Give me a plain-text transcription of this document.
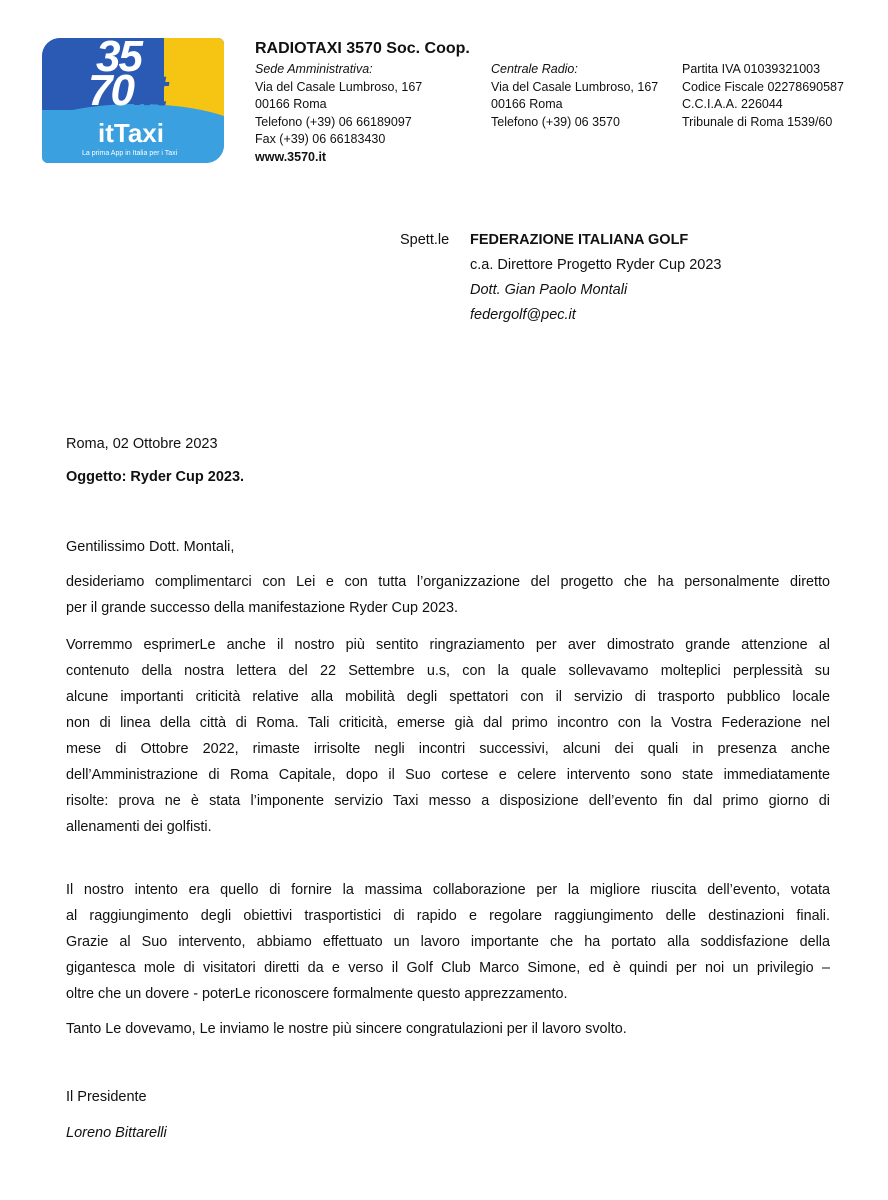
35
70.it
itTaxi
La prima App in Italia per i Taxi
RADIOTAXI 3570 Soc. Coop.
Sede Amministrativa:
Via del Casale Lumbroso, 167
00166 Roma
Telefono (+39) 06 66189097
Fax (+39) 06 66183430
www.3570.it
Centrale Radio:
Via del Casale Lumbroso, 167
00166 Roma
Telefono (+39) 06 3570
Partita IVA 01039321003
Codice Fiscale 02278690587
C.C.I.A.A. 226044
Tribunale di Roma 1539/60
Spett.le FEDERAZIONE ITALIANA GOLF
c.a. Direttore Progetto Ryder Cup 2023
Dott. Gian Paolo Montali
federgolf@pec.it
Roma, 02 Ottobre 2023
Oggetto: Ryder Cup 2023.
Gentilissimo Dott. Montali,
desideriamo complimentarci con Lei e con tutta l’organizzazione del progetto che ha personalmente diretto
per il grande successo della manifestazione Ryder Cup 2023.
Vorremmo esprimerLe anche il nostro più sentito ringraziamento per aver dimostrato grande attenzione al
contenuto della nostra lettera del 22 Settembre u.s, con la quale sollevavamo molteplici perplessità su
alcune importanti criticità relative alla mobilità degli spettatori con il servizio di trasporto pubblico locale
non di linea della città di Roma. Tali criticità, emerse già dal primo incontro con la Vostra Federazione nel
mese di Ottobre 2022, rimaste irrisolte negli incontri successivi, alcuni dei quali in presenza anche
dell’Amministrazione di Roma Capitale, dopo il Suo cortese e celere intervento sono state immediatamente
risolte: prova ne è stata l’imponente servizio Taxi messo a disposizione dell’evento fin dal primo giorno di
allenamenti dei golfisti.
Il nostro intento era quello di fornire la massima collaborazione per la migliore riuscita dell’evento, votata
al raggiungimento degli obiettivi trasportistici di rapido e regolare raggiungimento delle destinazioni finali.
Grazie al Suo intervento, abbiamo effettuato un lavoro importante che ha portato alla soddisfazione della
gigantesca mole di visitatori diretti da e verso il Golf Club Marco Simone, ed è quindi per noi un privilegio –
oltre che un dovere - poterLe riconoscere formalmente questo apprezzamento.
Tanto Le dovevamo, Le inviamo le nostre più sincere congratulazioni per il lavoro svolto.
Il Presidente
Loreno Bittarelli
